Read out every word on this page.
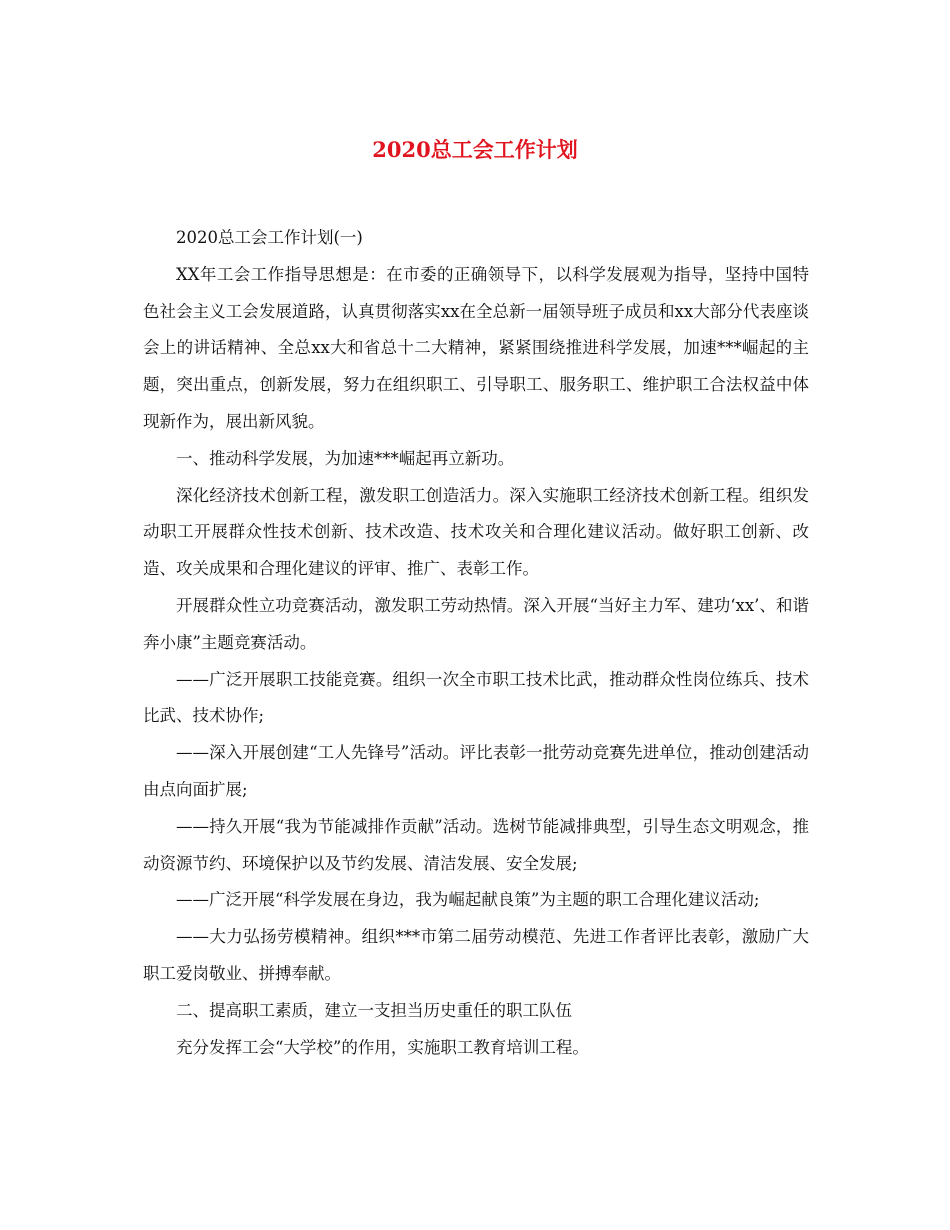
2020总工会工作计划

2020总工会工作计划(一)

XX年工会工作指导思想是：在市委的正确领导下，以科学发展观为指导，坚持中国特色社会主义工会发展道路，认真贯彻落实xx在全总新一届领导班子成员和xx大部分代表座谈会上的讲话精神、全总xx大和省总十二大精神，紧紧围绕推进科学发展，加速***崛起的主题，突出重点，创新发展，努力在组织职工、引导职工、服务职工、维护职工合法权益中体现新作为，展出新风貌。

一、推动科学发展，为加速***崛起再立新功。

深化经济技术创新工程，激发职工创造活力。深入实施职工经济技术创新工程。组织发动职工开展群众性技术创新、技术改造、技术攻关和合理化建议活动。做好职工创新、改造、攻关成果和合理化建议的评审、推广、表彰工作。

开展群众性立功竞赛活动，激发职工劳动热情。深入开展“当好主力军、建功‘xx’、和谐奔小康”主题竞赛活动。

——广泛开展职工技能竞赛。组织一次全市职工技术比武，推动群众性岗位练兵、技术比武、技术协作;

——深入开展创建“工人先锋号”活动。评比表彰一批劳动竞赛先进单位，推动创建活动由点向面扩展;

——持久开展“我为节能减排作贡献”活动。选树节能减排典型，引导生态文明观念，推动资源节约、环境保护以及节约发展、清洁发展、安全发展;

——广泛开展“科学发展在身边，我为崛起献良策”为主题的职工合理化建议活动;

——大力弘扬劳模精神。组织***市第二届劳动模范、先进工作者评比表彰，激励广大职工爱岗敬业、拼搏奉献。

二、提高职工素质，建立一支担当历史重任的职工队伍

充分发挥工会“大学校”的作用，实施职工教育培训工程。
